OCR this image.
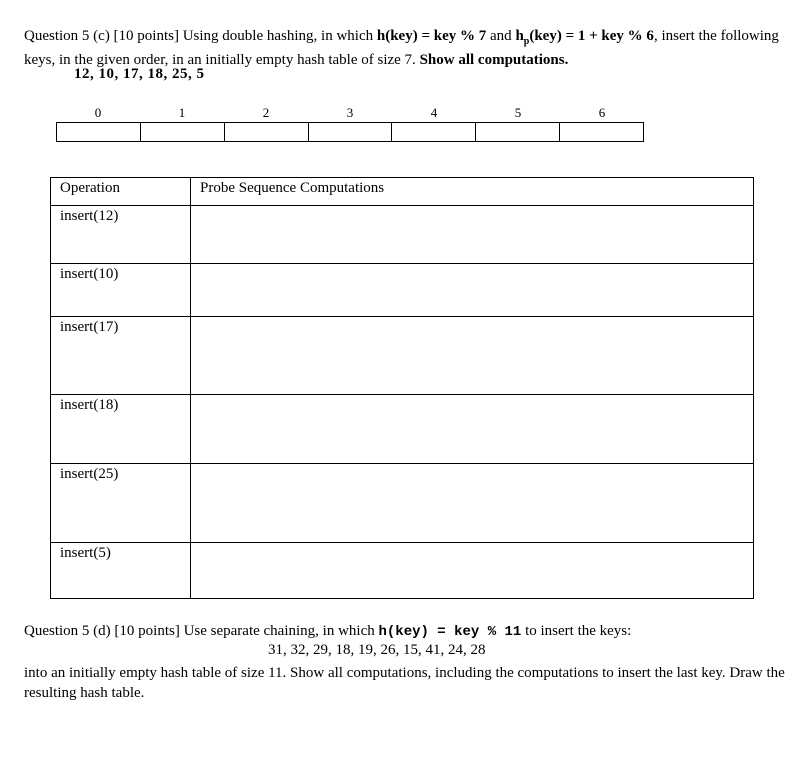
Question 5 (c) [10 points] Using double hashing, in which h(key) = key % 7 and $h_p(key) = 1$ + key % 6, insert the following keys, in the given order, in an initially empty hash table of size 7. Show all computations.
12, 10, 17, 18, 25, 5
0	1	2	3	4	5	6
Operation	Probe Sequence Computations
insert(12)	
insert(10)	
insert(17)	
insert(18)	
insert(25)	
insert(5)	
Question 5 (d) [10 points] Use separate chaining, in which h(key) = key % 11 to insert the keys:
31, 32, 29, 18, 19, 26, 15, 41, 24, 28
into an initially empty hash table of size 11. Show all computations, including the computations to insert the last key. Draw the resulting hash table.
